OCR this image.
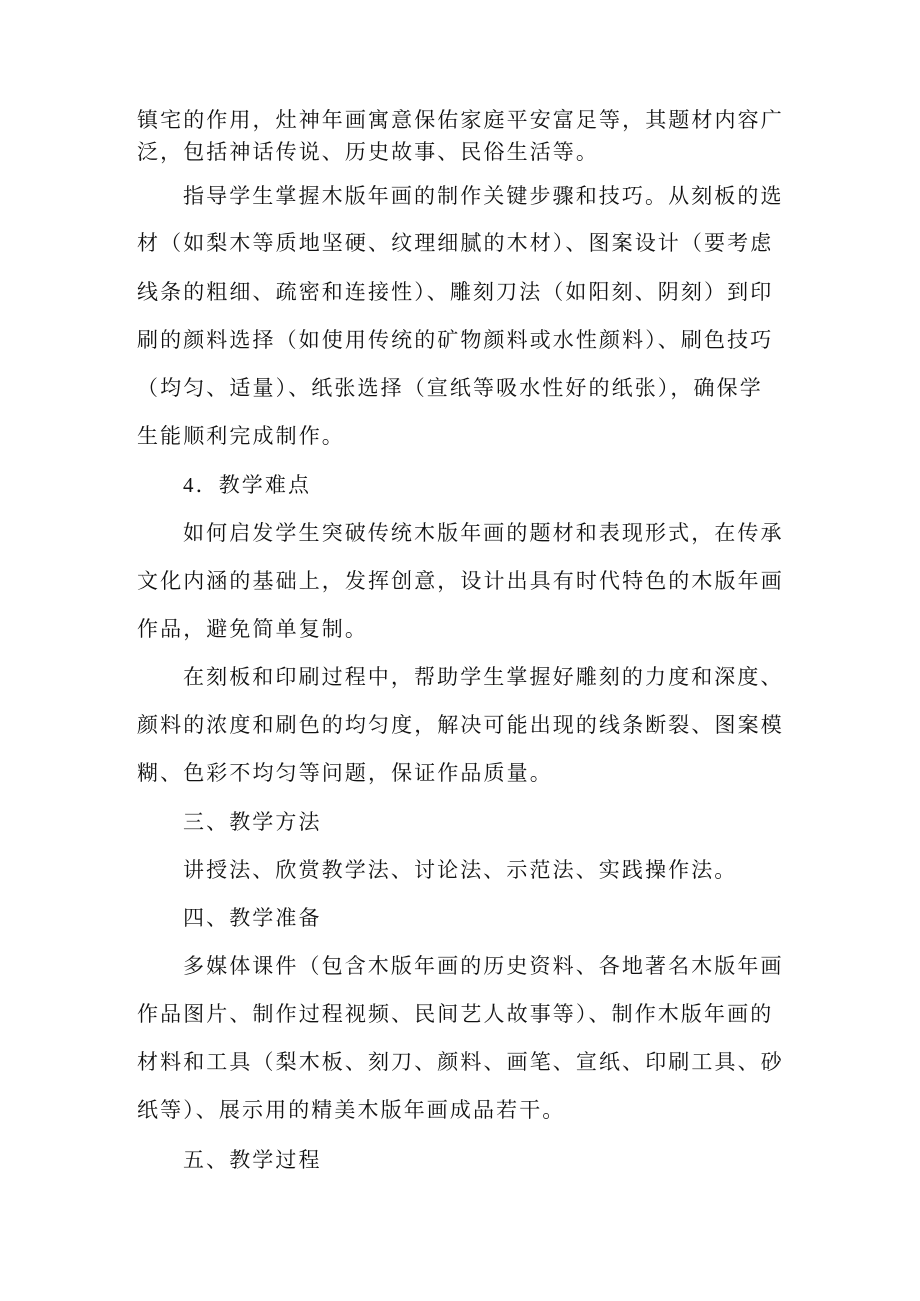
镇宅的作用，灶神年画寓意保佑家庭平安富足等，其题材内容广
泛，包括神话传说、历史故事、民俗生活等。
指导学生掌握木版年画的制作关键步骤和技巧。从刻板的选
材（如梨木等质地坚硬、纹理细腻的木材）、图案设计（要考虑
线条的粗细、疏密和连接性）、雕刻刀法（如阳刻、阴刻）到印
刷的颜料选择（如使用传统的矿物颜料或水性颜料）、刷色技巧
（均匀、适量）、纸张选择（宣纸等吸水性好的纸张），确保学
生能顺利完成制作。
4．教学难点
如何启发学生突破传统木版年画的题材和表现形式，在传承
文化内涵的基础上，发挥创意，设计出具有时代特色的木版年画
作品，避免简单复制。
在刻板和印刷过程中，帮助学生掌握好雕刻的力度和深度、
颜料的浓度和刷色的均匀度，解决可能出现的线条断裂、图案模
糊、色彩不均匀等问题，保证作品质量。
三、教学方法
讲授法、欣赏教学法、讨论法、示范法、实践操作法。
四、教学准备
多媒体课件（包含木版年画的历史资料、各地著名木版年画
作品图片、制作过程视频、民间艺人故事等）、制作木版年画的
材料和工具（梨木板、刻刀、颜料、画笔、宣纸、印刷工具、砂
纸等）、展示用的精美木版年画成品若干。
五、教学过程
